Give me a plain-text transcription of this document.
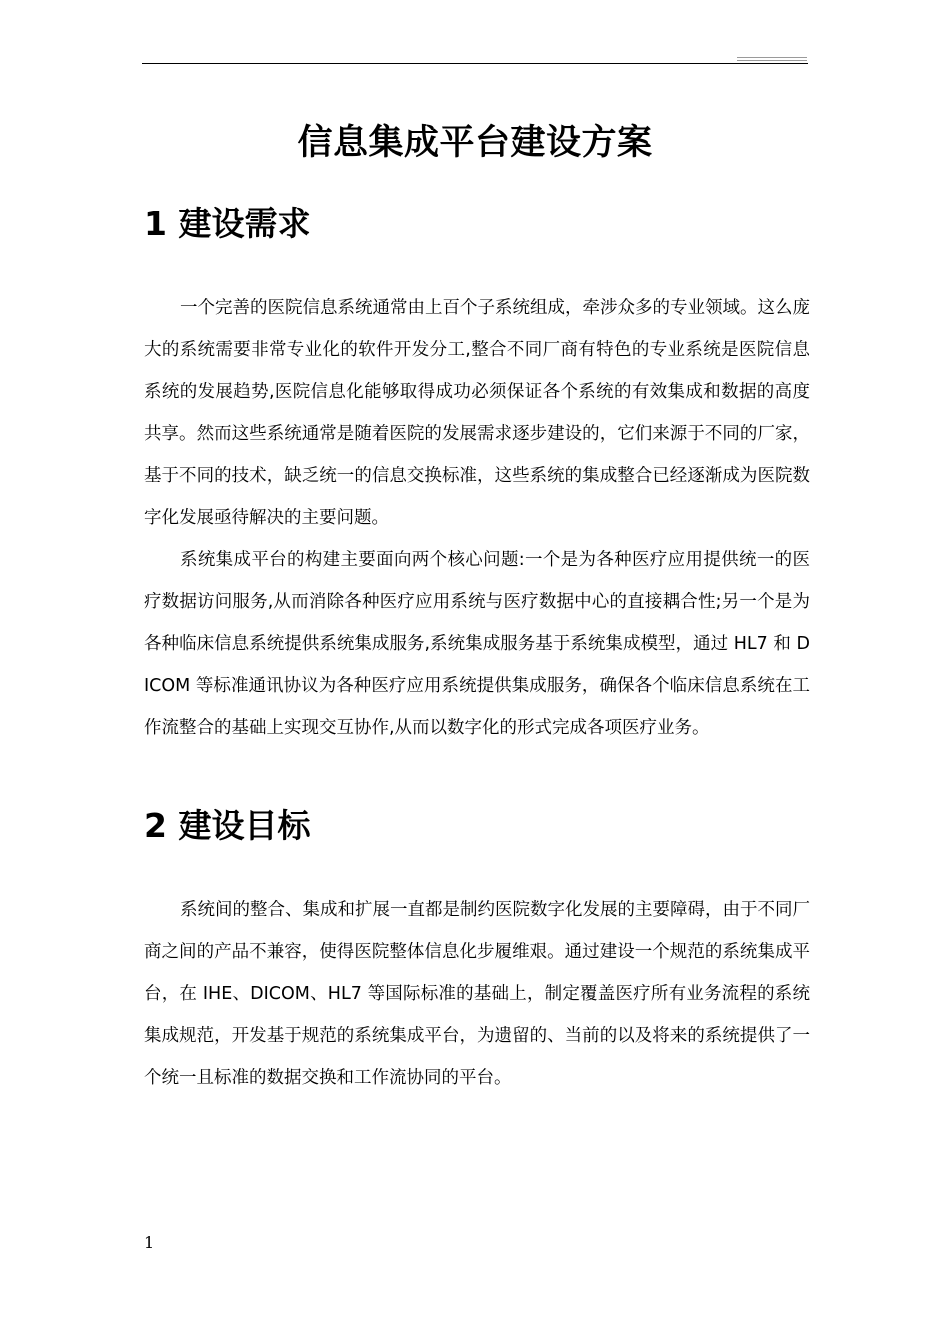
信息集成平台建设方案
1 建设需求

一个完善的医院信息系统通常由上百个子系统组成，牵涉众多的专业领域。这么庞大的系统需要非常专业化的软件开发分工,整合不同厂商有特色的专业系统是医院信息系统的发展趋势,医院信息化能够取得成功必须保证各个系统的有效集成和数据的高度共享。然而这些系统通常是随着医院的发展需求逐步建设的，它们来源于不同的厂家，基于不同的技术，缺乏统一的信息交换标准，这些系统的集成整合已经逐渐成为医院数字化发展亟待解决的主要问题。

系统集成平台的构建主要面向两个核心问题:一个是为各种医疗应用提供统一的医疗数据访问服务,从而消除各种医疗应用系统与医疗数据中心的直接耦合性;另一个是为各种临床信息系统提供系统集成服务,系统集成服务基于系统集成模型，通过 HL7 和 DICOM 等标准通讯协议为各种医疗应用系统提供集成服务，确保各个临床信息系统在工作流整合的基础上实现交互协作,从而以数字化的形式完成各项医疗业务。

2 建设目标

系统间的整合、集成和扩展一直都是制约医院数字化发展的主要障碍，由于不同厂商之间的产品不兼容，使得医院整体信息化步履维艰。通过建设一个规范的系统集成平台，在 IHE、DICOM、HL7 等国际标准的基础上，制定覆盖医疗所有业务流程的系统集成规范，开发基于规范的系统集成平台，为遗留的、当前的以及将来的系统提供了一个统一且标准的数据交换和工作流协同的平台。

1
